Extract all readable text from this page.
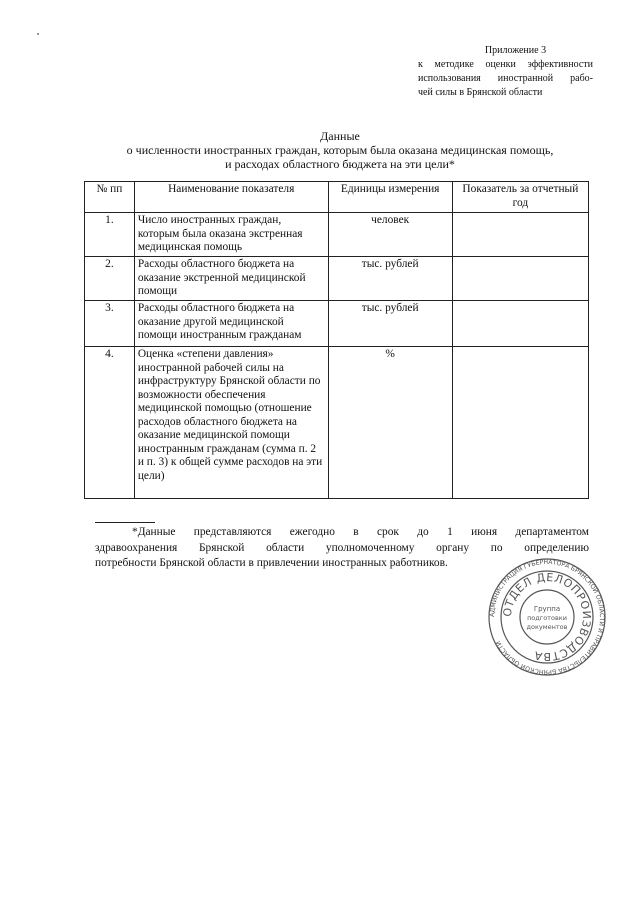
Приложение 3
к методике оценки эффективности
использования иностранной рабо-
чей силы в Брянской области
Данные
о численности иностранных граждан, которым была оказана медицинская помощь,
и расходах областного бюджета на эти цели*
№ пп	Наименование показателя	Единицы измерения	Показатель за отчетный год
1.	Число иностранных граждан, которым была оказана экстренная медицинская помощь	человек	
2.	Расходы областного бюджета на оказание экстренной медицинской помощи	тыс. рублей	
3.	Расходы областного бюджета на оказание другой медицинской помощи иностранным гражданам	тыс. рублей	
4.	Оценка «степени давления» иностранной рабочей силы на инфраструктуру Брянской области по возможности обеспечения медицинской помощью (отношение расходов областного бюджета на оказание медицинской помощи иностранным гражданам (сумма п. 2 и п. 3) к общей сумме расходов на эти цели)	%	
*Данные представляются ежегодно в срок до 1 июня департаментом
здравоохранения Брянской области уполномоченному органу по определению
потребности Брянской области в привлечении иностранных работников.
АДМИНИСТРАЦИЯ ГУБЕРНАТОРА БРЯНСКОЙ ОБЛАСТИ И ПРАВИТЕЛЬСТВА БРЯНСКОЙ ОБЛАСТИ
ОТДЕЛ ДЕЛОПРОИЗВОДСТВА
Группа
подготовки
документов
